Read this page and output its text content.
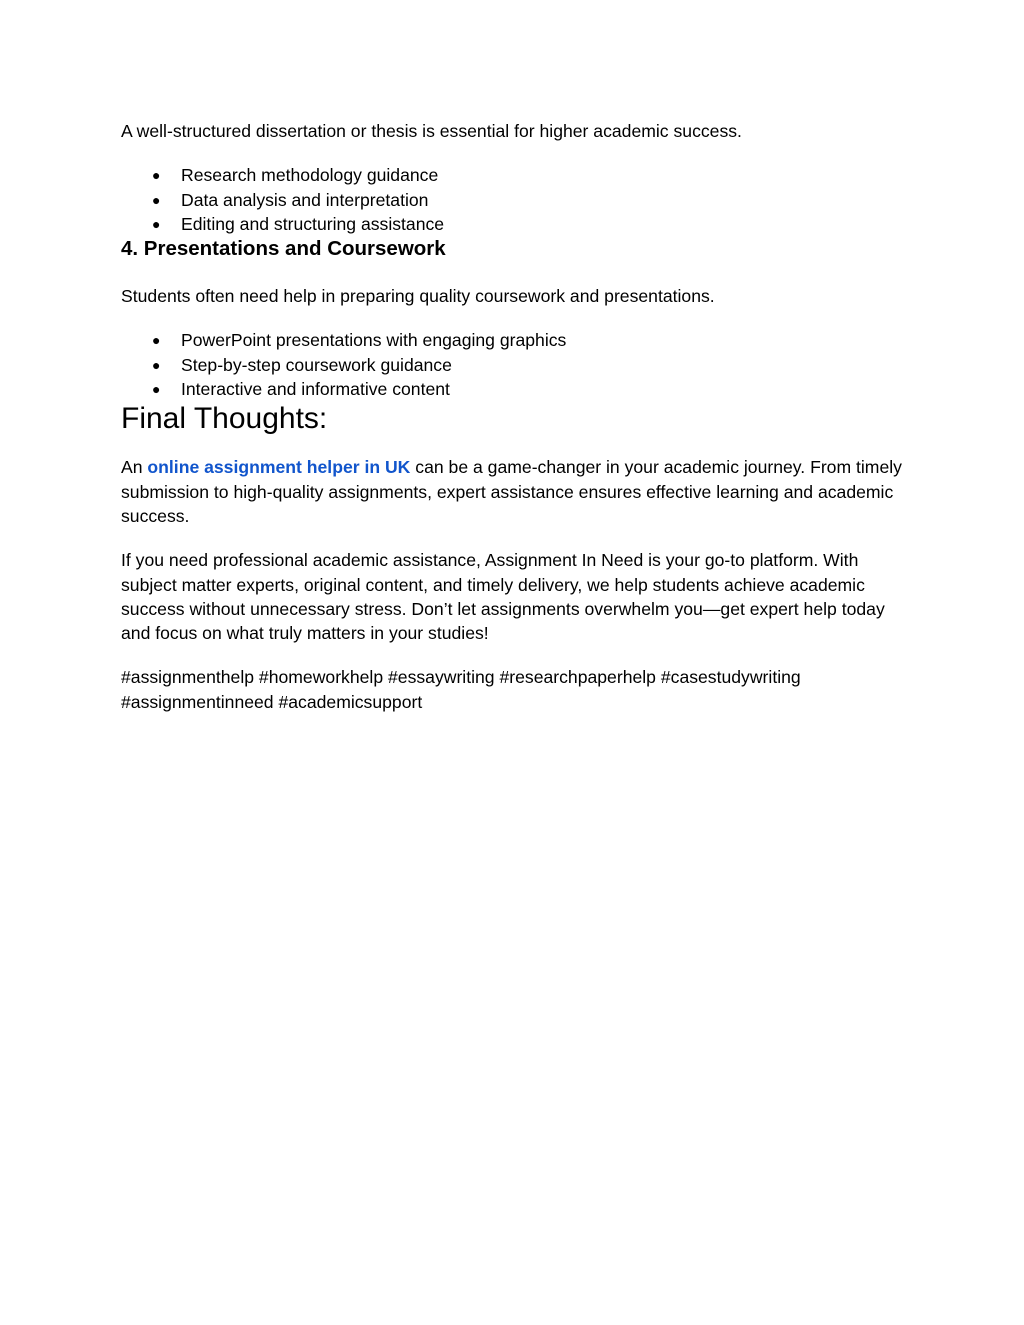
A well-structured dissertation or thesis is essential for higher academic success.

● Research methodology guidance
● Data analysis and interpretation
● Editing and structuring assistance
4. Presentations and Coursework

Students often need help in preparing quality coursework and presentations.

● PowerPoint presentations with engaging graphics
● Step-by-step coursework guidance
● Interactive and informative content
Final Thoughts:

An online assignment helper in UK can be a game-changer in your academic journey. From timely submission to high-quality assignments, expert assistance ensures effective learning and academic success.

If you need professional academic assistance, Assignment In Need is your go-to platform. With subject matter experts, original content, and timely delivery, we help students achieve academic success without unnecessary stress. Don’t let assignments overwhelm you—get expert help today and focus on what truly matters in your studies!

#assignmenthelp #homeworkhelp #essaywriting #researchpaperhelp #casestudywriting #assignmentinneed #academicsupport
